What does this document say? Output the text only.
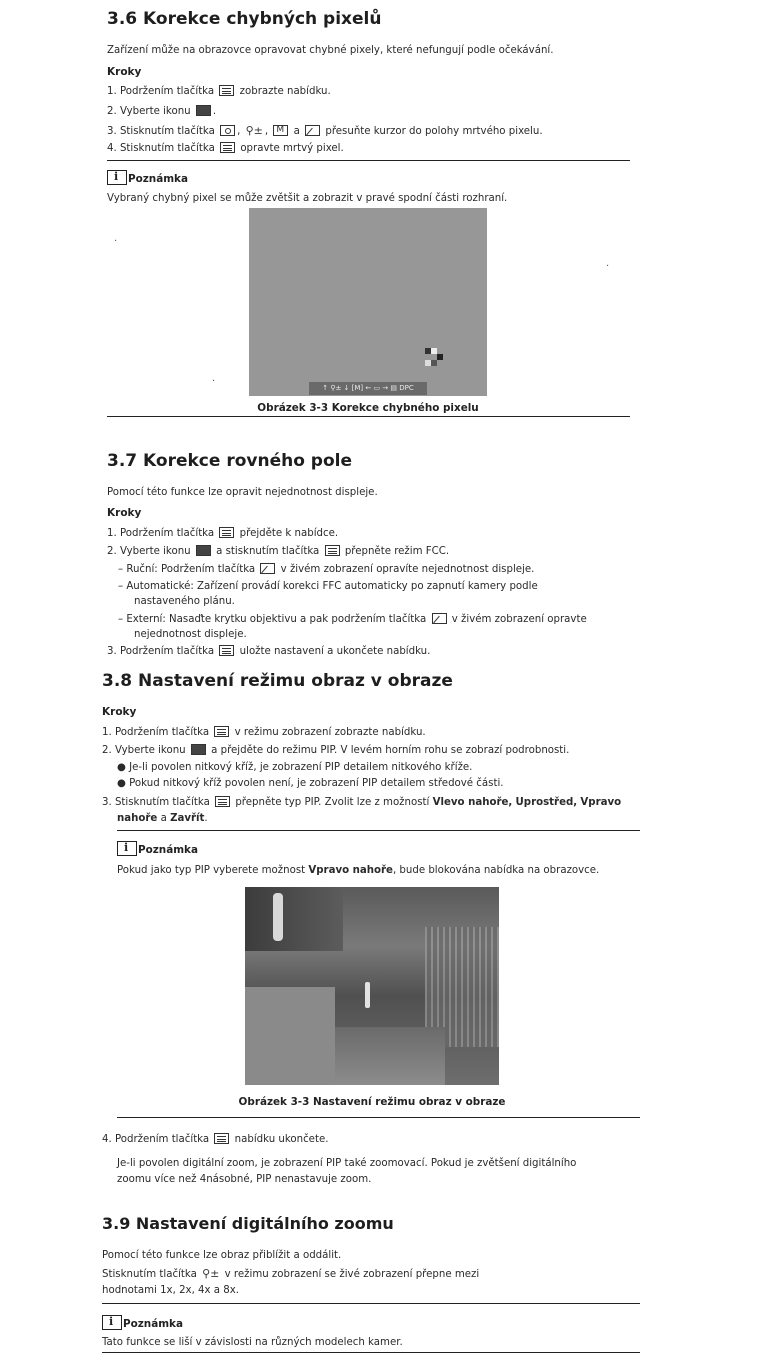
3.6 Korekce chybných pixelů
Zařízení může na obrazovce opravovat chybné pixely, které nefungují podle očekávání.
Kroky
1. Podržením tlačítka	zobrazte nabídku.
2. Vyberte ikonu .
3. Stisknutím tlačítka , ⚲± , M	a	přesuňte kurzor do polohy mrtvého pixelu.
4. Stisknutím tlačítka	opravte mrtvý pixel.
iPoznámka
Vybraný chybný pixel se může zvětšit a zobrazit v pravé spodní části rozhraní.
↑ ⚲± ↓ [M] ← ▭ → ▤ DPC
·
·
·
Obrázek 3-3 Korekce chybného pixelu
3.7 Korekce rovného pole
Pomocí této funkce lze opravit nejednotnost displeje.
Kroky
1. Podržením tlačítka	přejděte k nabídce.
2. Vyberte ikonu	a stisknutím tlačítka	přepněte režim FCC.
– Ruční: Podržením tlačítka	v živém zobrazení opravíte nejednotnost displeje.
– Automatické: Zařízení provádí korekci FFC automaticky po zapnutí kamery podle
nastaveného plánu.
– Externí: Nasaďte krytku objektivu a pak podržením tlačítka	v živém zobrazení opravte
nejednotnost displeje.
3. Podržením tlačítka	uložte nastavení a ukončete nabídku.
3.8 Nastavení režimu obraz v obraze
Kroky
1. Podržením tlačítka	v režimu zobrazení zobrazte nabídku.
2. Vyberte ikonu	a přejděte do režimu PIP. V levém horním rohu se zobrazí podrobnosti.
● Je-li povolen nitkový kříž, je zobrazení PIP detailem nitkového kříže.
● Pokud nitkový kříž povolen není, je zobrazení PIP detailem středové části.
3. Stisknutím tlačítka	přepněte typ PIP. Zvolit lze z možností Vlevo nahoře, Uprostřed, Vpravo
nahoře a Zavřít.
iPoznámka
Pokud jako typ PIP vyberete možnost Vpravo nahoře, bude blokována nabídka na obrazovce.
Obrázek 3-3 Nastavení režimu obraz v obraze
4. Podržením tlačítka	nabídku ukončete.
Je-li povolen digitální zoom, je zobrazení PIP také zoomovací. Pokud je zvětšení digitálního
zoomu více než 4násobné, PIP nenastavuje zoom.
3.9 Nastavení digitálního zoomu
Pomocí této funkce lze obraz přiblížit a oddálit.
Stisknutím tlačítka ⚲± v režimu zobrazení se živé zobrazení přepne mezi
hodnotami 1x, 2x, 4x a 8x.
iPoznámka
Tato funkce se liší v závislosti na různých modelech kamer.
